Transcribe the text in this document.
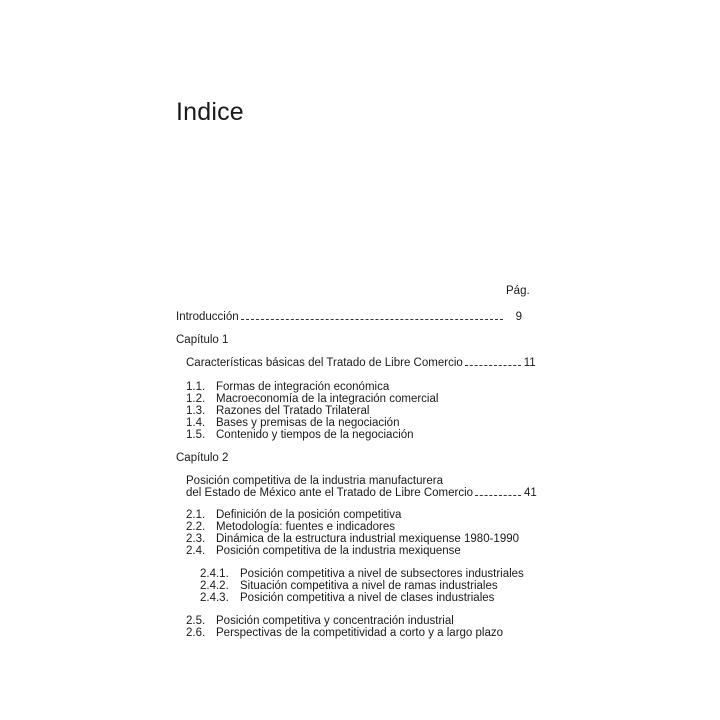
Indice
Pág.
Introducción	9
Capítulo 1
Características básicas del Tratado de Libre Comercio	11
1.1. Formas de integración económica
1.2. Macroeconomía de la integración comercial
1.3. Razones del Tratado Trilateral
1.4. Bases y premisas de la negociación
1.5. Contenido y tiempos de la negociación
Capítulo 2
Posición competitiva de la industria manufacturera
del Estado de México ante el Tratado de Libre Comercio	41
2.1. Definición de la posición competitiva
2.2. Metodología: fuentes e indicadores
2.3. Dinámica de la estructura industrial mexiquense 1980-1990
2.4. Posición competitiva de la industria mexiquense
2.4.1. Posición competitiva a nivel de subsectores industriales
2.4.2. Situación competitiva a nivel de ramas industriales
2.4.3. Posición competitiva a nivel de clases industriales
2.5. Posición competitiva y concentración industrial
2.6. Perspectivas de la competitividad a corto y a largo plazo
